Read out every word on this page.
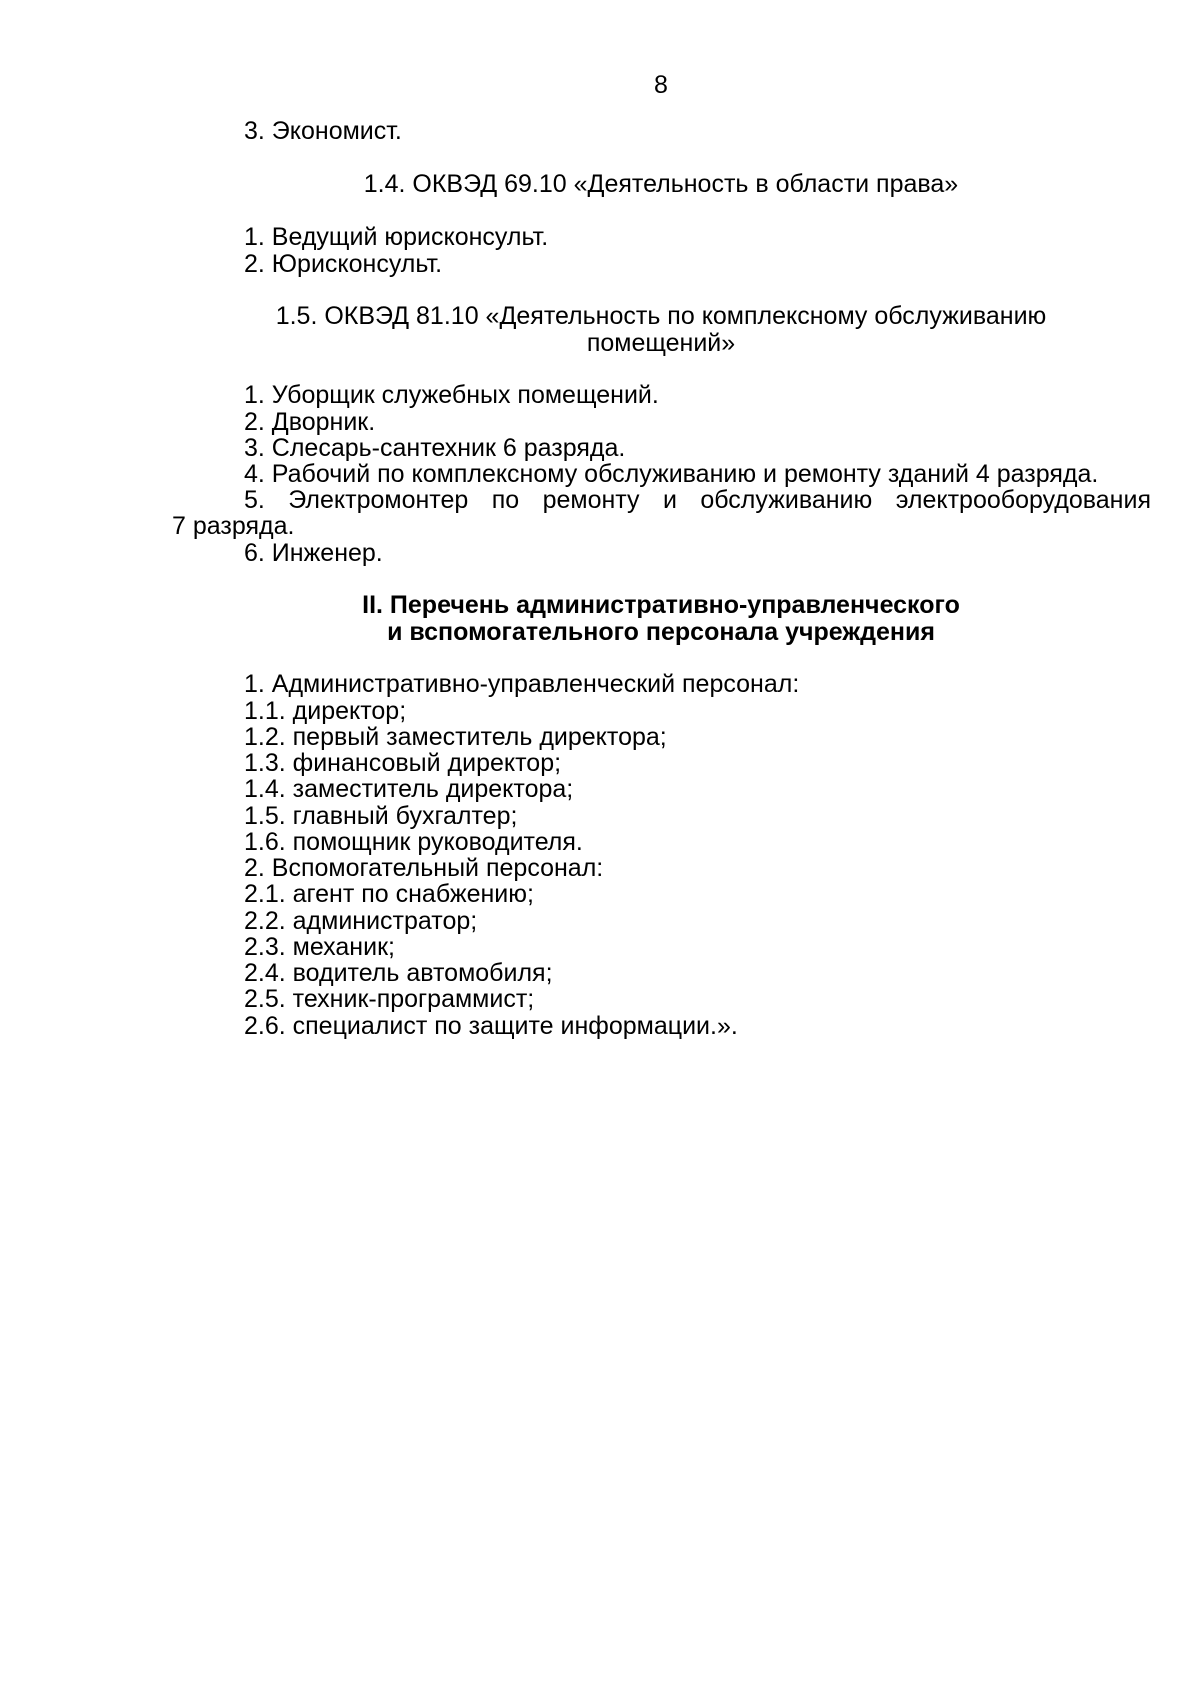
8
3. Экономист.
1.4. ОКВЭД 69.10 «Деятельность в области права»
1. Ведущий юрисконсульт.
2. Юрисконсульт.
1.5. ОКВЭД 81.10 «Деятельность по комплексному обслуживанию
помещений»
1. Уборщик служебных помещений.
2. Дворник.
3. Слесарь-сантехник 6 разряда.
4. Рабочий по комплексному обслуживанию и ремонту зданий 4 разряда.
5. Электромонтер по ремонту и обслуживанию электрооборудования
7 разряда.
6. Инженер.
II. Перечень административно-управленческого
и вспомогательного персонала учреждения
1. Административно-управленческий персонал:
1.1. директор;
1.2. первый заместитель директора;
1.3. финансовый директор;
1.4. заместитель директора;
1.5. главный бухгалтер;
1.6. помощник руководителя.
2. Вспомогательный персонал:
2.1. агент по снабжению;
2.2. администратор;
2.3. механик;
2.4. водитель автомобиля;
2.5. техник-программист;
2.6. специалист по защите информации.».
